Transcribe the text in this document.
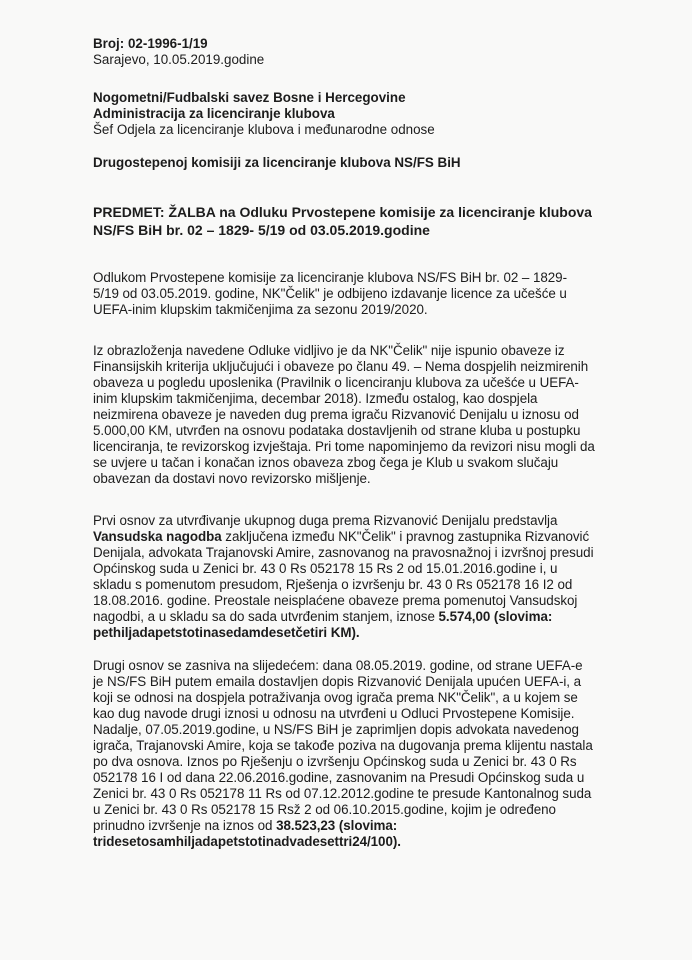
Broj: 02-1996-1/19
Sarajevo, 10.05.2019.godine
Nogometni/Fudbalski savez Bosne i Hercegovine
Administracija za licenciranje klubova
Šef Odjela za licenciranje klubova i međunarodne odnose
Drugostepenoj komisiji za licenciranje klubova NS/FS BiH
PREDMET: ŽALBA na Odluku Prvostepene komisije za licenciranje klubova
NS/FS BiH br. 02 – 1829- 5/19 od 03.05.2019.godine
Odlukom Prvostepene komisije za licenciranje klubova NS/FS BiH br. 02 – 1829-
5/19 od 03.05.2019. godine, NK"Čelik" je odbijeno izdavanje licence za učešće u
UEFA-inim klupskim takmičenjima za sezonu 2019/2020.
Iz obrazloženja navedene Odluke vidljivo je da NK"Čelik" nije ispunio obaveze iz
Finansijskih kriterija uključujući i obaveze po članu 49. – Nema dospjelih neizmirenih
obaveza u pogledu uposlenika (Pravilnik o licenciranju klubova za učešće u UEFA-
inim klupskim takmičenjima, decembar 2018). Između ostalog, kao dospjela
neizmirena obaveze je naveden dug prema igraču Rizvanović Denijalu u iznosu od
5.000,00 KM, utvrđen na osnovu podataka dostavljenih od strane kluba u postupku
licenciranja, te revizorskog izvještaja. Pri tome napominjemo da revizori nisu mogli da
se uvjere u tačan i konačan iznos obaveza zbog čega je Klub u svakom slučaju
obavezan da dostavi novo revizorsko mišljenje.
Prvi osnov za utvrđivanje ukupnog duga prema Rizvanović Denijalu predstavlja
Vansudska nagodba zaključena između NK"Čelik" i pravnog zastupnika Rizvanović
Denijala, advokata Trajanovski Amire, zasnovanog na pravosnažnoj i izvršnoj presudi
Općinskog suda u Zenici br. 43 0 Rs 052178 15 Rs 2 od 15.01.2016.godine i, u
skladu s pomenutom presudom, Rješenja o izvršenju br. 43 0 Rs 052178 16 I2 od
18.08.2016. godine. Preostale neisplaćene obaveze prema pomenutoj Vansudskoj
nagodbi, a u skladu sa do sada utvrđenim stanjem, iznose 5.574,00 (slovima:
pethiljadapetstotinasedamdesetčetiri KM).
Drugi osnov se zasniva na slijedećem: dana 08.05.2019. godine, od strane UEFA-e
je NS/FS BiH putem emaila dostavljen dopis Rizvanović Denijala upućen UEFA-i, a
koji se odnosi na dospjela potraživanja ovog igrača prema NK"Čelik", a u kojem se
kao dug navode drugi iznosi u odnosu na utvrđeni u Odluci Prvostepene Komisije.
Nadalje, 07.05.2019.godine, u NS/FS BiH je zaprimljen dopis advokata navedenog
igrača, Trajanovski Amire, koja se takođe poziva na dugovanja prema klijentu nastala
po dva osnova. Iznos po Rješenju o izvršenju Općinskog suda u Zenici br. 43 0 Rs
052178 16 I od dana 22.06.2016.godine, zasnovanim na Presudi Općinskog suda u
Zenici br. 43 0 Rs 052178 11 Rs od 07.12.2012.godine te presude Kantonalnog suda
u Zenici br. 43 0 Rs 052178 15 Rsž 2 od 06.10.2015.godine, kojim je određeno
prinudno izvršenje na iznos od 38.523,23 (slovima:
tridesetosamhiljadapetstotinadvadesettri24/100).
